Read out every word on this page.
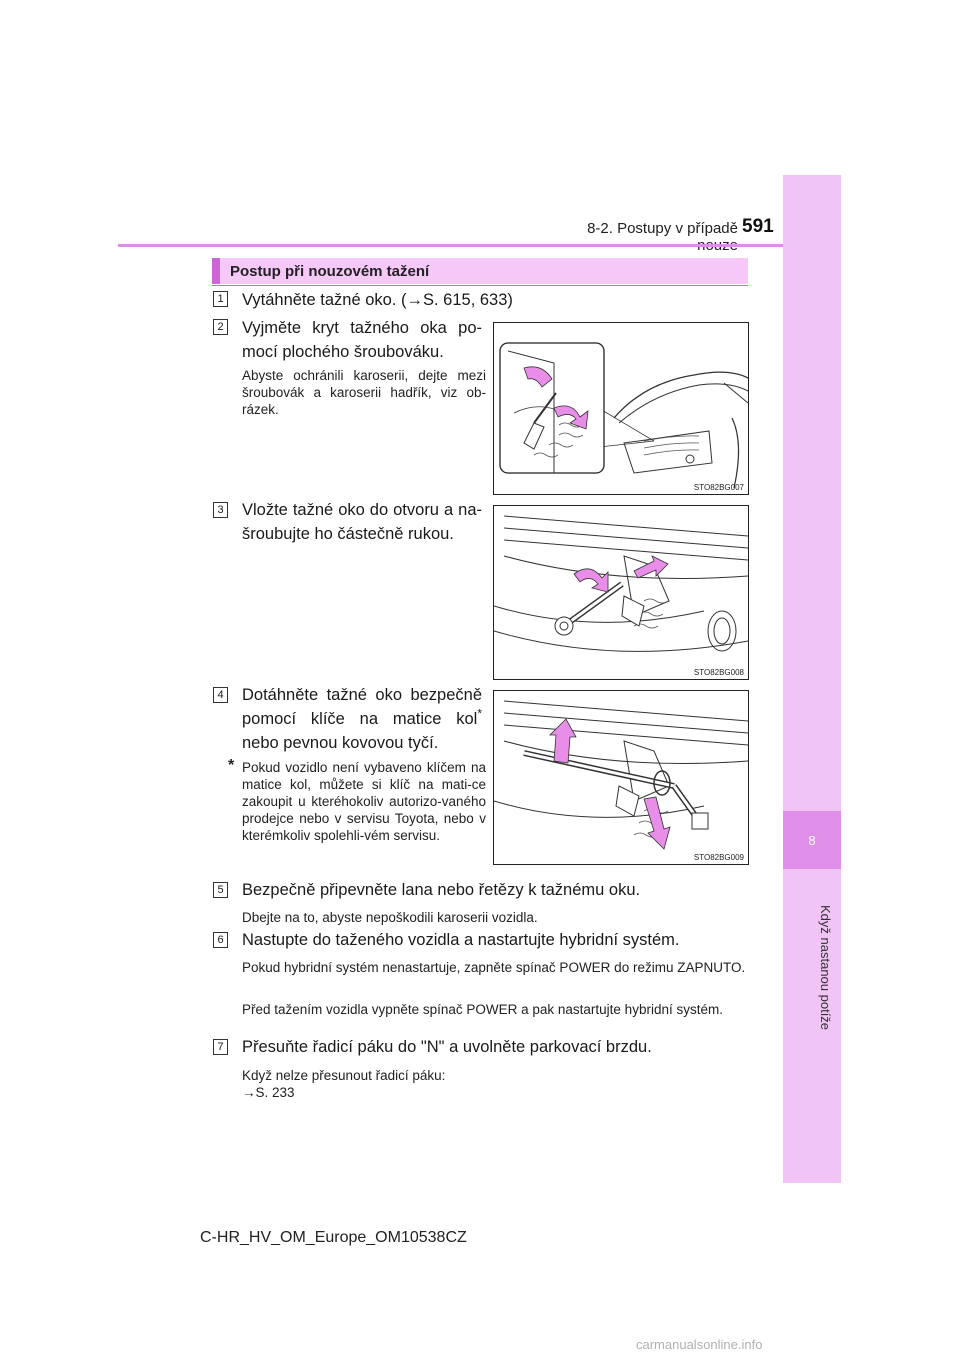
8
Když nastanou potíže
8-2. Postupy v případě 591
Postup při nouzovém tažení
1 Vytáhněte tažné oko. (→S. 615, 633)
2 Vyjměte kryt tažného oka po-
mocí plochého šroubováku.
Abyste ochránili karoserii, dejte mezi šroubovák a karoserii hadřík, viz ob-rázek.
STO82BG007
3 Vložte tažné oko do otvoru a na-
šroubujte ho částečně rukou.
STO82BG008
4 Dotáhněte tažné oko bezpečně
pomocí klíče na matice kol*
nebo pevnou kovovou tyčí.
* Pokud vozidlo není vybaveno klíčem na matice kol, můžete si klíč na mati-ce zakoupit u kteréhokoliv autorizo-vaného prodejce nebo v servisu Toyota, nebo v kterémkoliv spolehli-vém servisu.
STO82BG009
5 Bezpečně připevněte lana nebo řetězy k tažnému oku.
Dbejte na to, abyste nepoškodili karoserii vozidla.
6 Nastupte do taženého vozidla a nastartujte hybridní systém.
Pokud hybridní systém nenastartuje, zapněte spínač POWER do režimu ZAPNUTO.
Před tažením vozidla vypněte spínač POWER a pak nastartujte hybridní systém.
7 Přesuňte řadicí páku do "N" a uvolněte parkovací brzdu.
Když nelze přesunout řadicí páku:
→S. 233
C-HR_HV_OM_Europe_OM10538CZ
carmanualsonline.info
